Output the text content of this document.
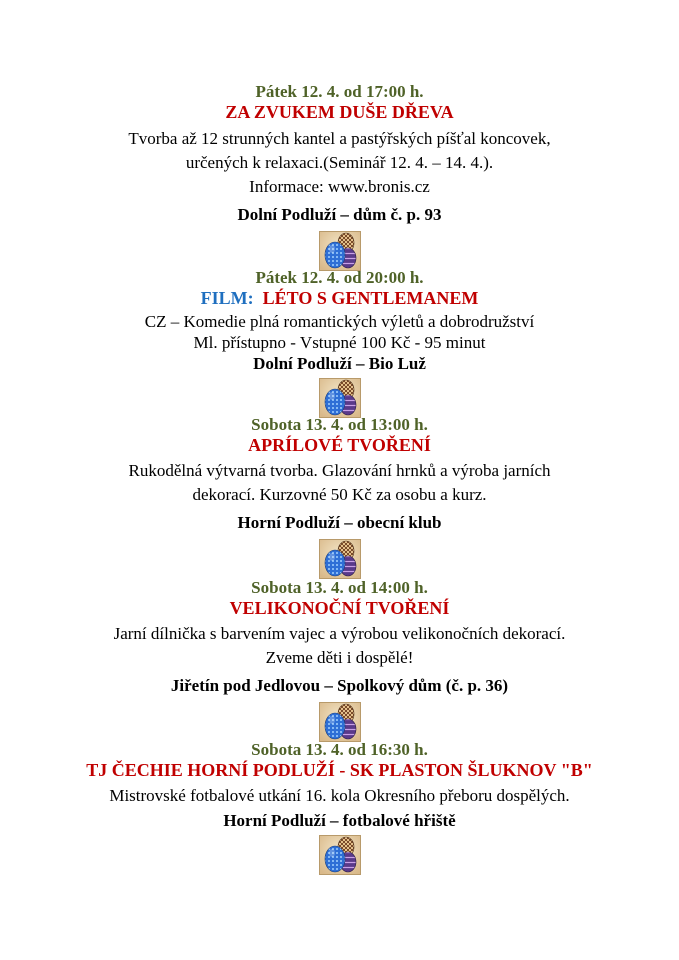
Pátek 12. 4. od 17:00 h.
ZA ZVUKEM DUŠE DŘEVA
Tvorba až 12 strunných kantel a pastýřských píšťal koncovek,
určených k relaxaci.(Seminář 12. 4. – 14. 4.).
Informace: www.bronis.cz
Dolní Podluží – dům č. p. 93
Pátek 12. 4. od 20:00 h.
FILM: LÉTO S GENTLEMANEM
CZ – Komedie plná romantických výletů a dobrodružství
Ml. přístupno - Vstupné 100 Kč - 95 minut
Dolní Podluží – Bio Luž
Sobota 13. 4. od 13:00 h.
APRÍLOVÉ TVOŘENÍ
Rukodělná výtvarná tvorba. Glazování hrnků a výroba jarních
dekorací. Kurzovné 50 Kč za osobu a kurz.
Horní Podluží – obecní klub
Sobota 13. 4. od 14:00 h.
VELIKONOČNÍ TVOŘENÍ
Jarní dílnička s barvením vajec a výrobou velikonočních dekorací.
Zveme děti i dospělé!
Jiřetín pod Jedlovou – Spolkový dům (č. p. 36)
Sobota 13. 4. od 16:30 h.
TJ ČECHIE HORNÍ PODLUŽÍ - SK PLASTON ŠLUKNOV "B"
Mistrovské fotbalové utkání 16. kola Okresního přeboru dospělých.
Horní Podluží – fotbalové hřiště
